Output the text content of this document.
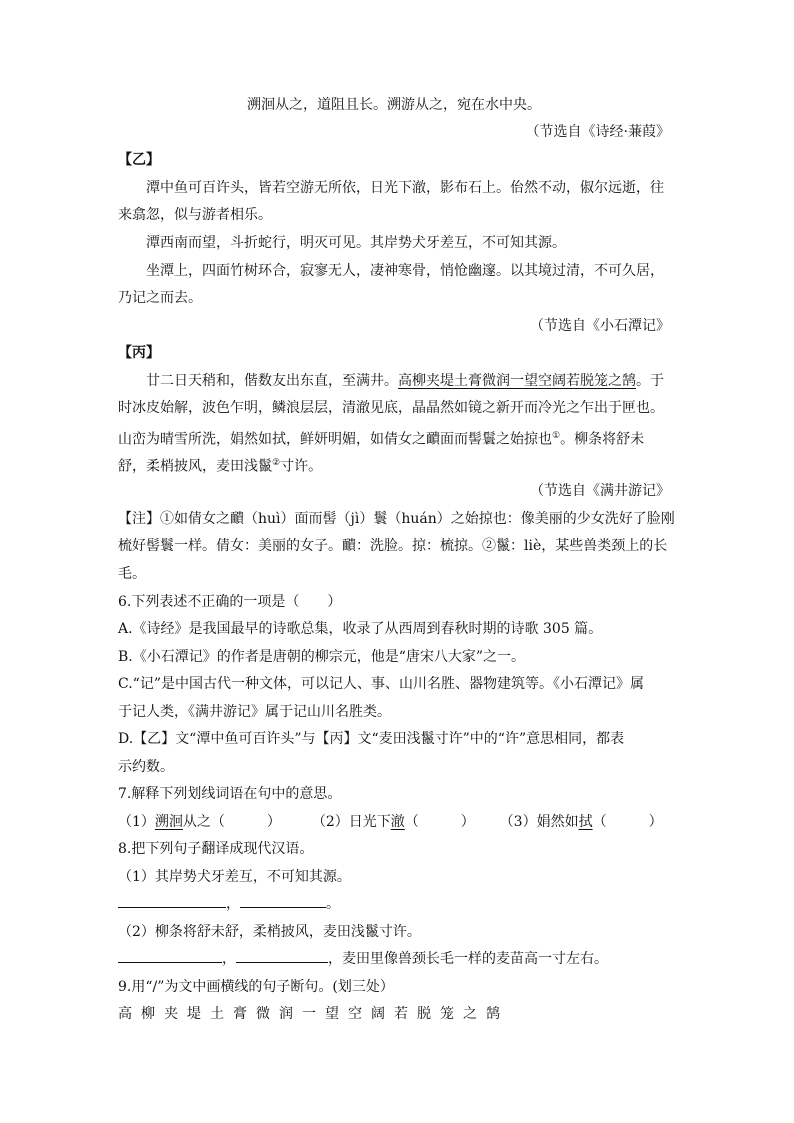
溯洄从之，道阻且长。溯游从之，宛在水中央。
（节选自《诗经·蒹葭》
【乙】
潭中鱼可百许头，皆若空游无所依，日光下澈，影布石上。佁然不动，俶尔远逝，往
来翕忽，似与游者相乐。
潭西南而望，斗折蛇行，明灭可见。其岸势犬牙差互，不可知其源。
坐潭上，四面竹树环合，寂寥无人，凄神寒骨，悄怆幽邃。以其境过清，不可久居，
乃记之而去。
（节选自《小石潭记》
【丙】
廿二日天稍和，偕数友出东直，至满井。高柳夹堤土膏微润一望空阔若脱笼之鹄。于
时冰皮始解，波色乍明，鳞浪层层，清澈见底，晶晶然如镜之新开而冷光之乍出于匣也。
山峦为晴雪所洗，娟然如拭，鲜妍明媚，如倩女之靧面而髻鬟之始掠也①。柳条将舒未
舒，柔梢披风，麦田浅鬣②寸许。
（节选自《满井游记》
【注】①如倩女之靧（huì）面而髻（jì）鬟（huán）之始掠也：像美丽的少女洗好了脸刚
梳好髻鬟一样。倩女：美丽的女子。靧：洗脸。掠：梳掠。②鬣：liè，某些兽类颈上的长
毛。
6.下列表述不正确的一项是（　　）
A.《诗经》是我国最早的诗歌总集，收录了从西周到春秋时期的诗歌 305 篇。
B.《小石潭记》的作者是唐朝的柳宗元，他是“唐宋八大家”之一。
C.“记”是中国古代一种文体，可以记人、事、山川名胜、器物建筑等。《小石潭记》属
于记人类，《满井游记》属于记山川名胜类。
D.【乙】文“潭中鱼可百许头”与【丙】文“麦田浅鬣寸许”中的“许”意思相同，都表
示约数。
7.解释下列划线词语在句中的意思。
（1）溯洄从之（　　　） （2）日光下澈（　　　） （3）娟然如拭（　　　）
8.把下列句子翻译成现代汉语。
（1）其岸势犬牙差互，不可知其源。
，	。
（2）柳条将舒未舒，柔梢披风，麦田浅鬣寸许。
，	，麦田里像兽颈长毛一样的麦苗高一寸左右。
9.用“/”为文中画横线的句子断句。(划三处）
高柳夹堤土膏微润一望空阔若脱笼之鹄
